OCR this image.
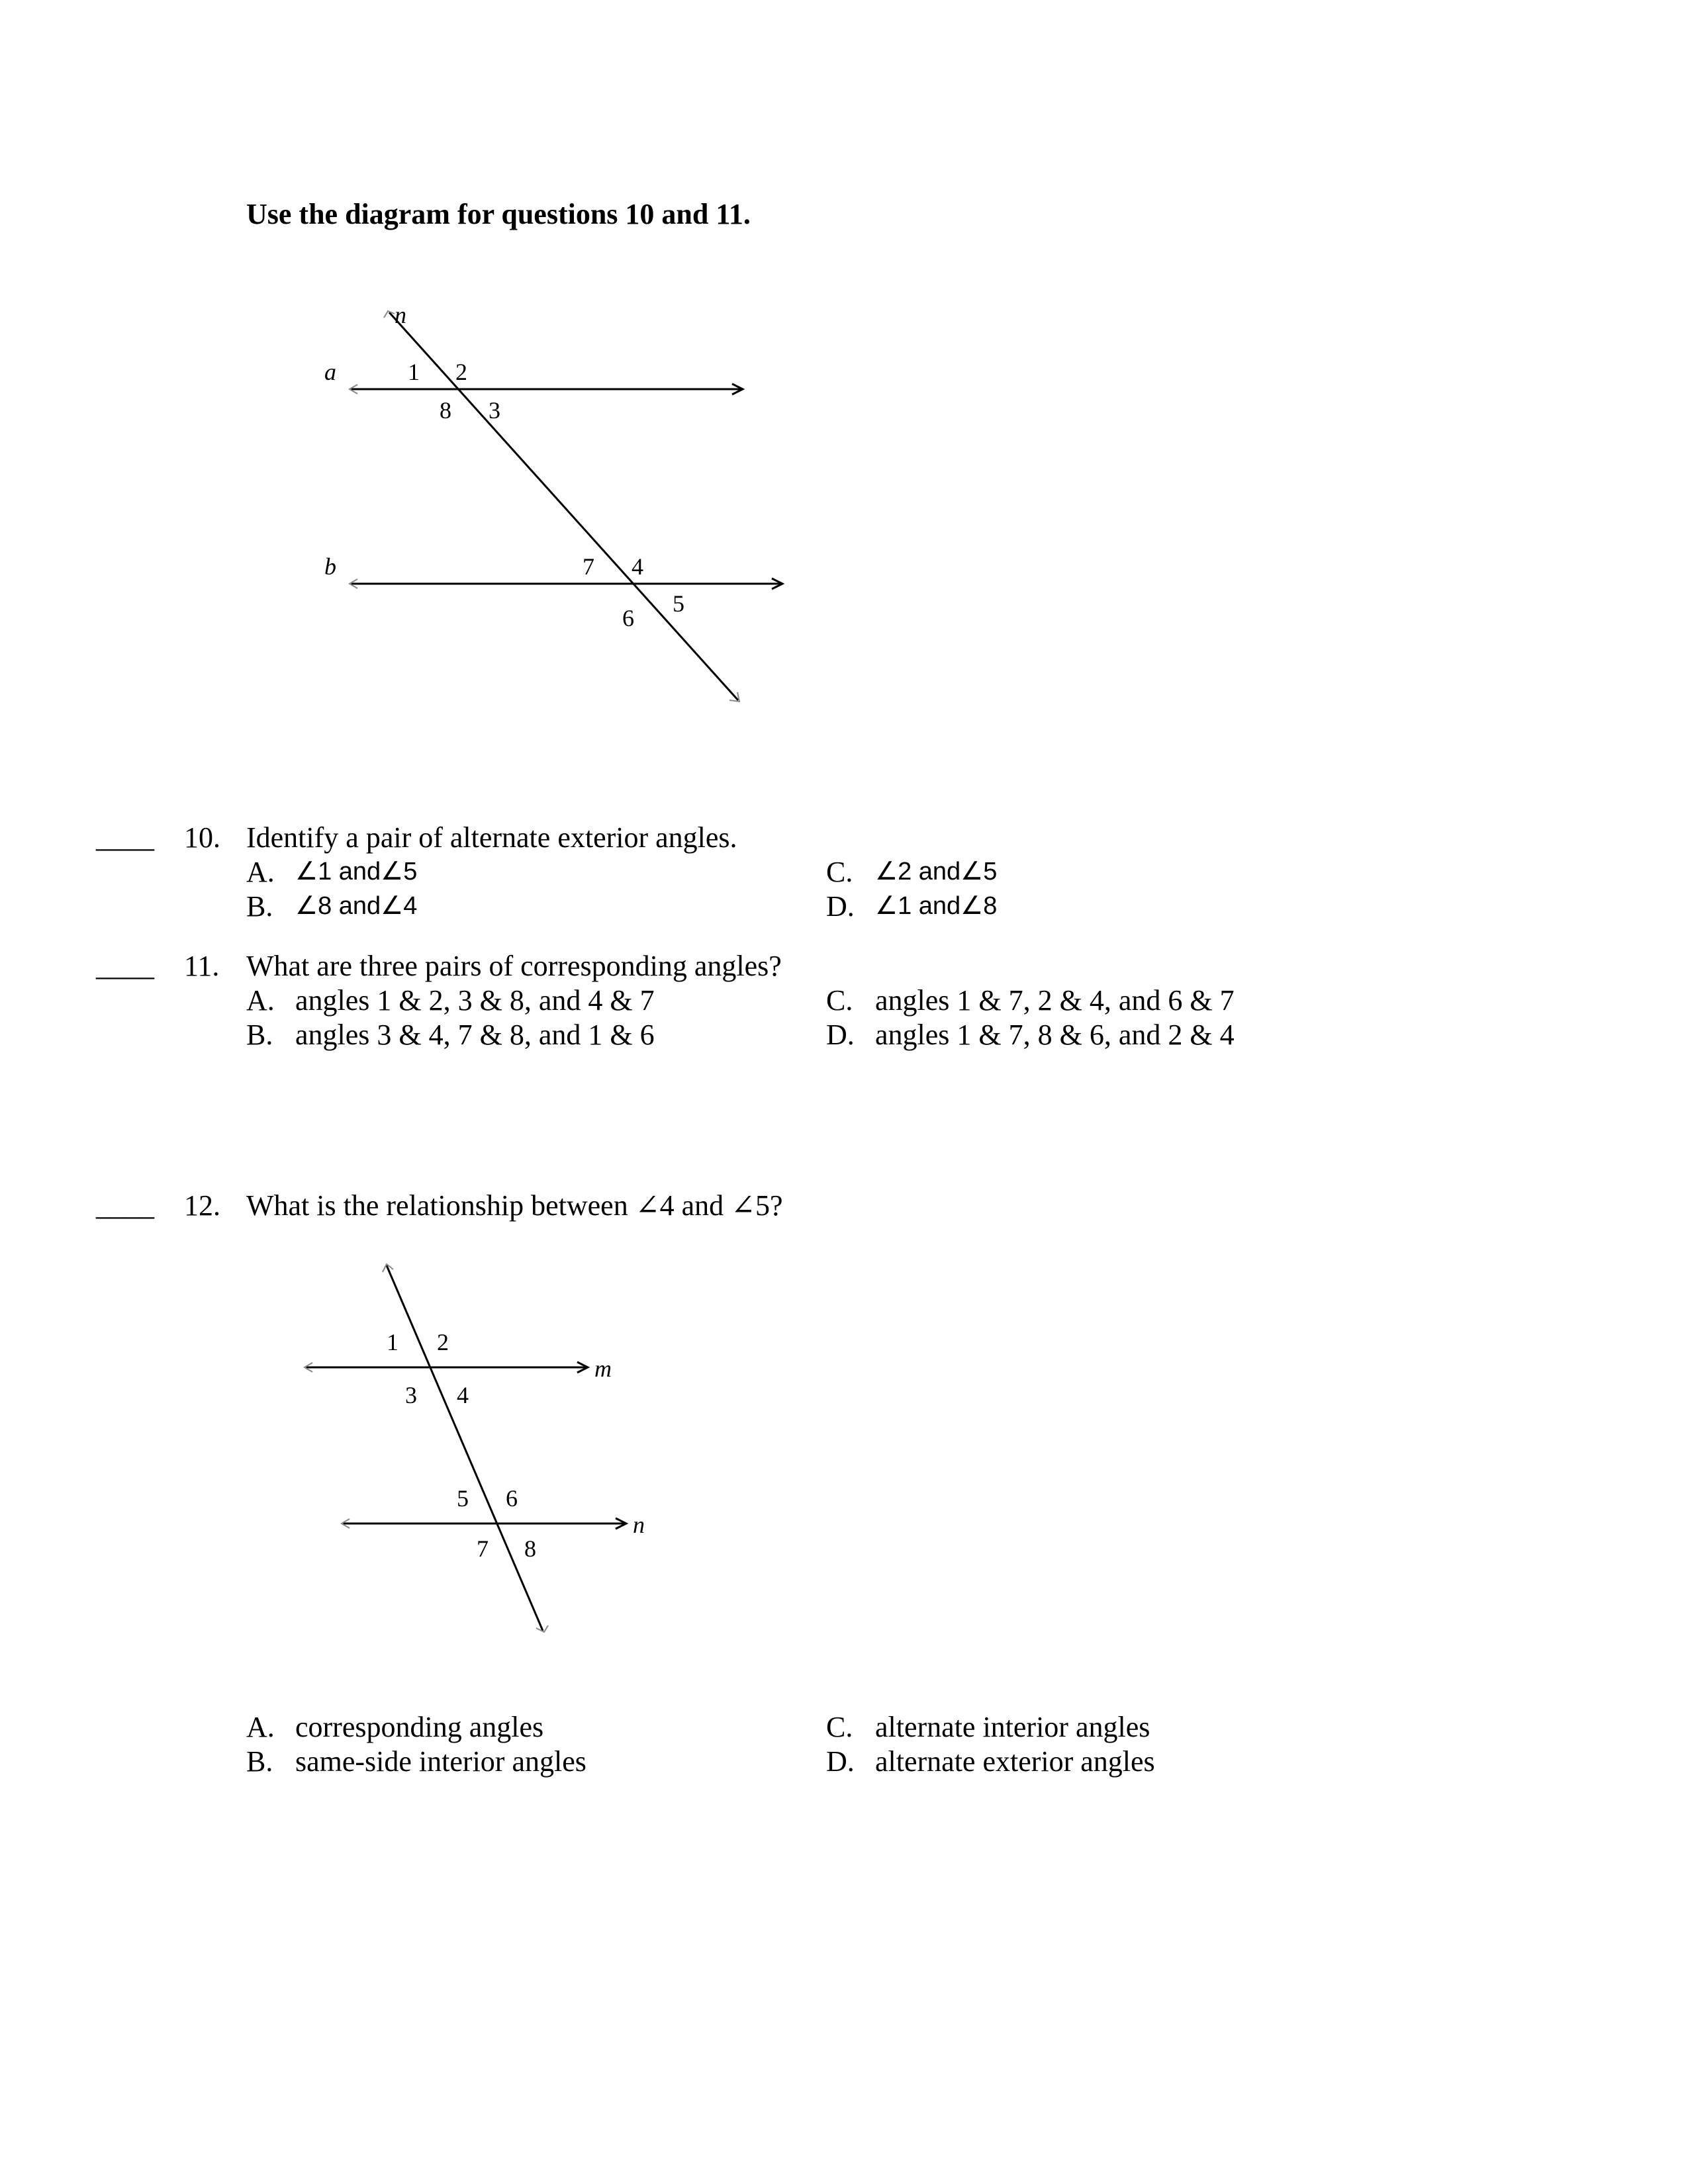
Use the diagram for questions 10 and 11.
n
a
b
1 2
8 3
7 4
6
5
____ 10. Identify a pair of alternate exterior angles.
A. ∠1 and∠5
B. ∠8 and∠4
C. ∠2 and∠5
D. ∠1 and∠8
____ 11. What are three pairs of corresponding angles?
A. angles 1 & 2, 3 & 8, and 4 & 7
B. angles 3 & 4, 7 & 8, and 1 & 6
C. angles 1 & 7, 2 & 4, and 6 & 7
D. angles 1 & 7, 8 & 6, and 2 & 4
____ 12. What is the relationship between ∠4 and ∠5?
m
n
1 2
3 4
5 6
7 8
A. corresponding angles
B. same-side interior angles
C. alternate interior angles
D. alternate exterior angles
